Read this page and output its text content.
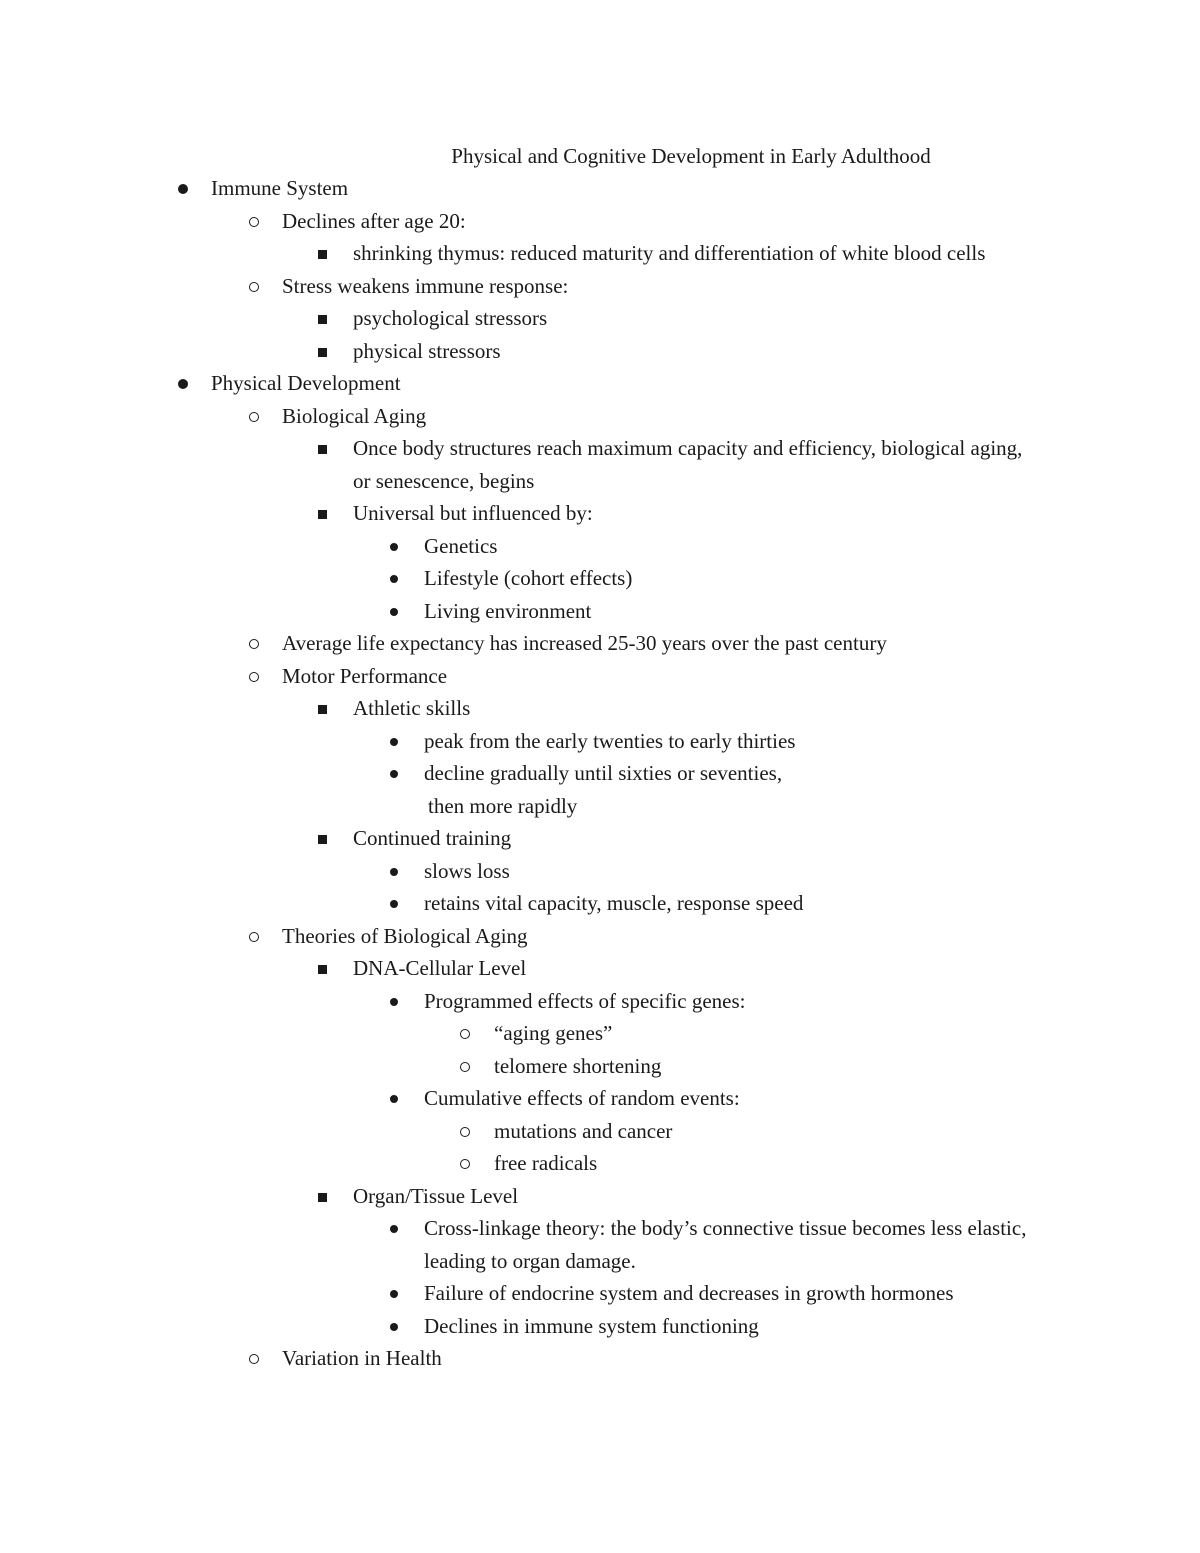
Physical and Cognitive Development in Early Adulthood
Immune System
Declines after age 20:
shrinking thymus: reduced maturity and differentiation of white blood cells
Stress weakens immune response:
psychological stressors
physical stressors
Physical Development
Biological Aging
Once body structures reach maximum capacity and efficiency, biological aging, or senescence, begins
Universal but influenced by:
Genetics
Lifestyle (cohort effects)
Living environment
Average life expectancy has increased 25-30 years over the past century
Motor Performance
Athletic skills
peak from the early twenties to early thirties
decline gradually until sixties or seventies,
then more rapidly
Continued training
slows loss
retains vital capacity, muscle, response speed
Theories of Biological Aging
DNA-Cellular Level
Programmed effects of specific genes:
“aging genes”
telomere shortening
Cumulative effects of random events:
mutations and cancer
free radicals
Organ/Tissue Level
Cross-linkage theory: the body’s connective tissue becomes less elastic, leading to organ damage.
Failure of endocrine system and decreases in growth hormones
Declines in immune system functioning
Variation in Health
